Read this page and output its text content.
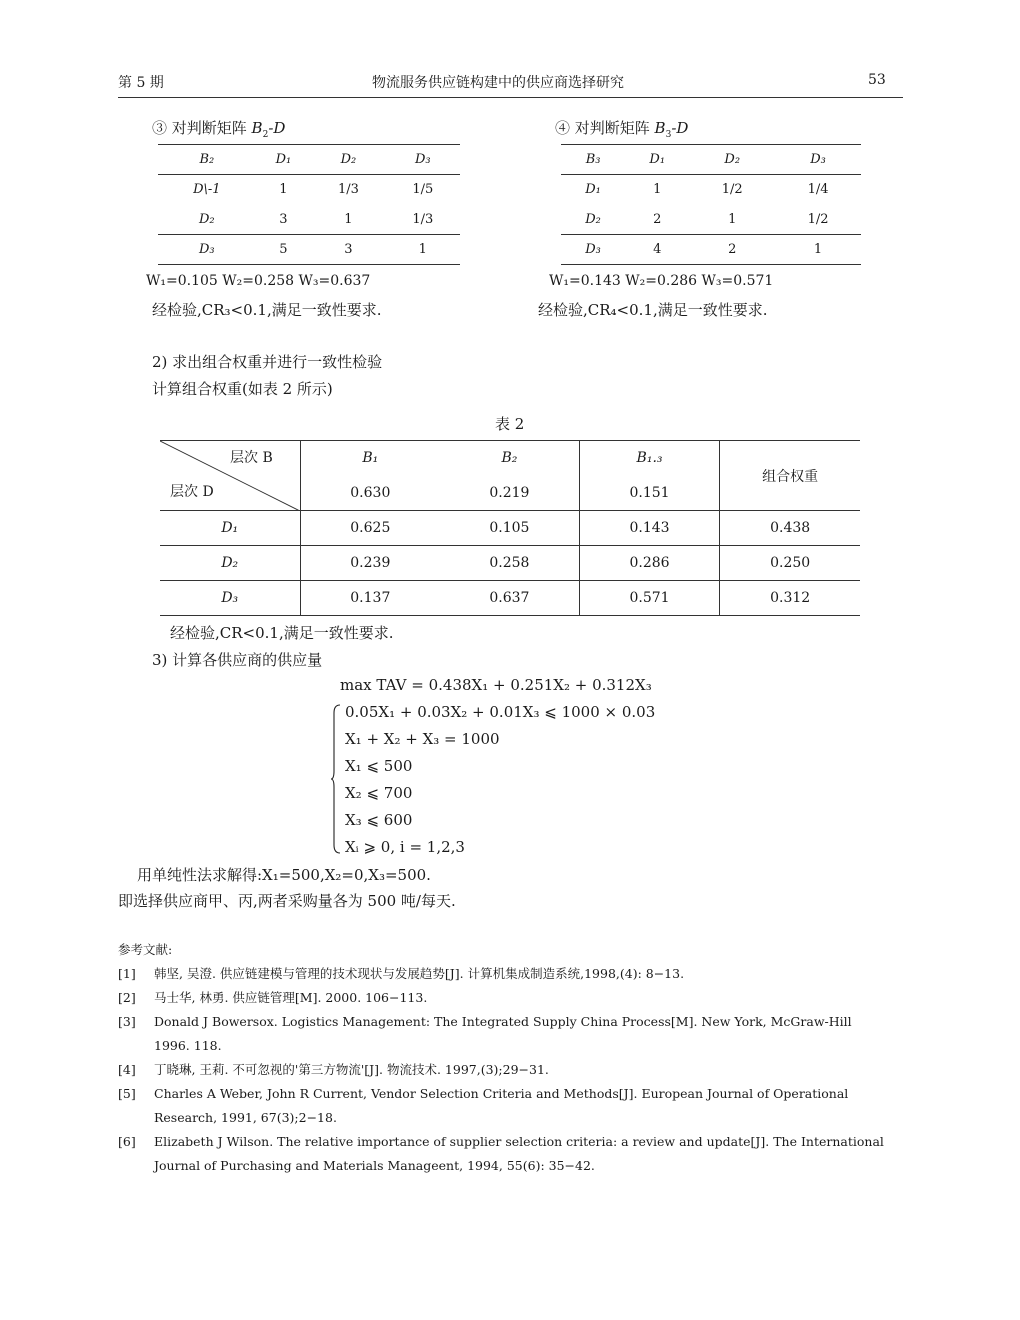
第 5 期	物流服务供应链构建中的供应商选择研究	53
③ 对判断矩阵 $B_2-D$
B₂	D₁	D₂	D₃
D\-1	1	1/3	1/5
D₂	3	1	1/3
D₃	5	3	1
W₁=0.105 W₂=0.258 W₃=0.637
经检验,CR₃<0.1,满足一致性要求.
④ 对判断矩阵 $B_3-D$
B₃	D₁	D₂	D₃
D₁	1	1/2	1/4
D₂	2	1	1/2
D₃	4	2	1
W₁=0.143 W₂=0.286 W₃=0.571
经检验,CR₄<0.1,满足一致性要求.
2) 求出组合权重并进行一致性检验
计算组合权重(如表 2 所示)
表 2
层次 B
层次 D	B₁	B₂	B₁.₃	组合权重
	0.630	0.219	0.151	
D₁	0.625	0.105	0.143	0.438
D₂	0.239	0.258	0.286	0.250
D₃	0.137	0.637	0.571	0.312
经检验,CR<0.1,满足一致性要求.
3) 计算各供应商的供应量
max TAV = 0.438X₁ + 0.251X₂ + 0.312X₃
0.05X₁ + 0.03X₂ + 0.01X₃ ⩽ 1000 × 0.03
X₁ + X₂ + X₃ = 1000
X₁ ⩽ 500
X₂ ⩽ 700
X₃ ⩽ 600
Xᵢ ⩾ 0, i = 1,2,3
用单纯性法求解得:X₁=500,X₂=0,X₃=500.
即选择供应商甲、丙,两者采购量各为 500 吨/每天.
参考文献:
[1] 韩坚, 吴澄. 供应链建模与管理的技术现状与发展趋势[J]. 计算机集成制造系统,1998,(4): 8−13.
[2] 马士华, 林勇. 供应链管理[M]. 2000. 106−113.
[3] Donald J Bowersox. Logistics Management: The Integrated Supply China Process[M]. New York, McGraw-Hill
1996. 118.
[4] 丁晓琳, 王莉. 不可忽视的'第三方物流'[J]. 物流技术. 1997,(3);29−31.
[5] Charles A Weber, John R Current, Vendor Selection Criteria and Methods[J]. European Journal of Operational
Research, 1991, 67(3);2−18.
[6] Elizabeth J Wilson. The relative importance of supplier selection criteria: a review and update[J]. The International
Journal of Purchasing and Materials Manageent, 1994, 55(6): 35−42.
